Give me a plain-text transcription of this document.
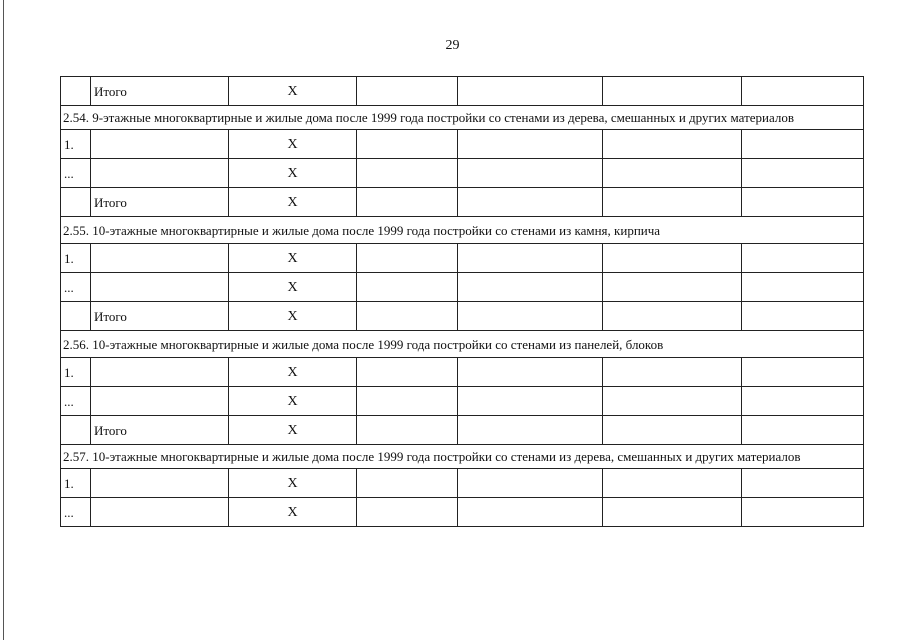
29
	Итого	X				
2.54. 9-этажные многоквартирные и жилые дома после 1999 года постройки со стенами из дерева, смешанных и других материалов						
1.		X				
...		X				
	Итого	X				
2.55. 10-этажные многоквартирные и жилые дома после 1999 года постройки со стенами из камня, кирпича						
1.		X				
...		X				
	Итого	X				
2.56. 10-этажные многоквартирные и жилые дома после 1999 года постройки со стенами из панелей, блоков						
1.		X				
...		X				
	Итого	X				
2.57. 10-этажные многоквартирные и жилые дома после 1999 года постройки со стенами из дерева, смешанных и других материалов						
1.		X				
...		X				
